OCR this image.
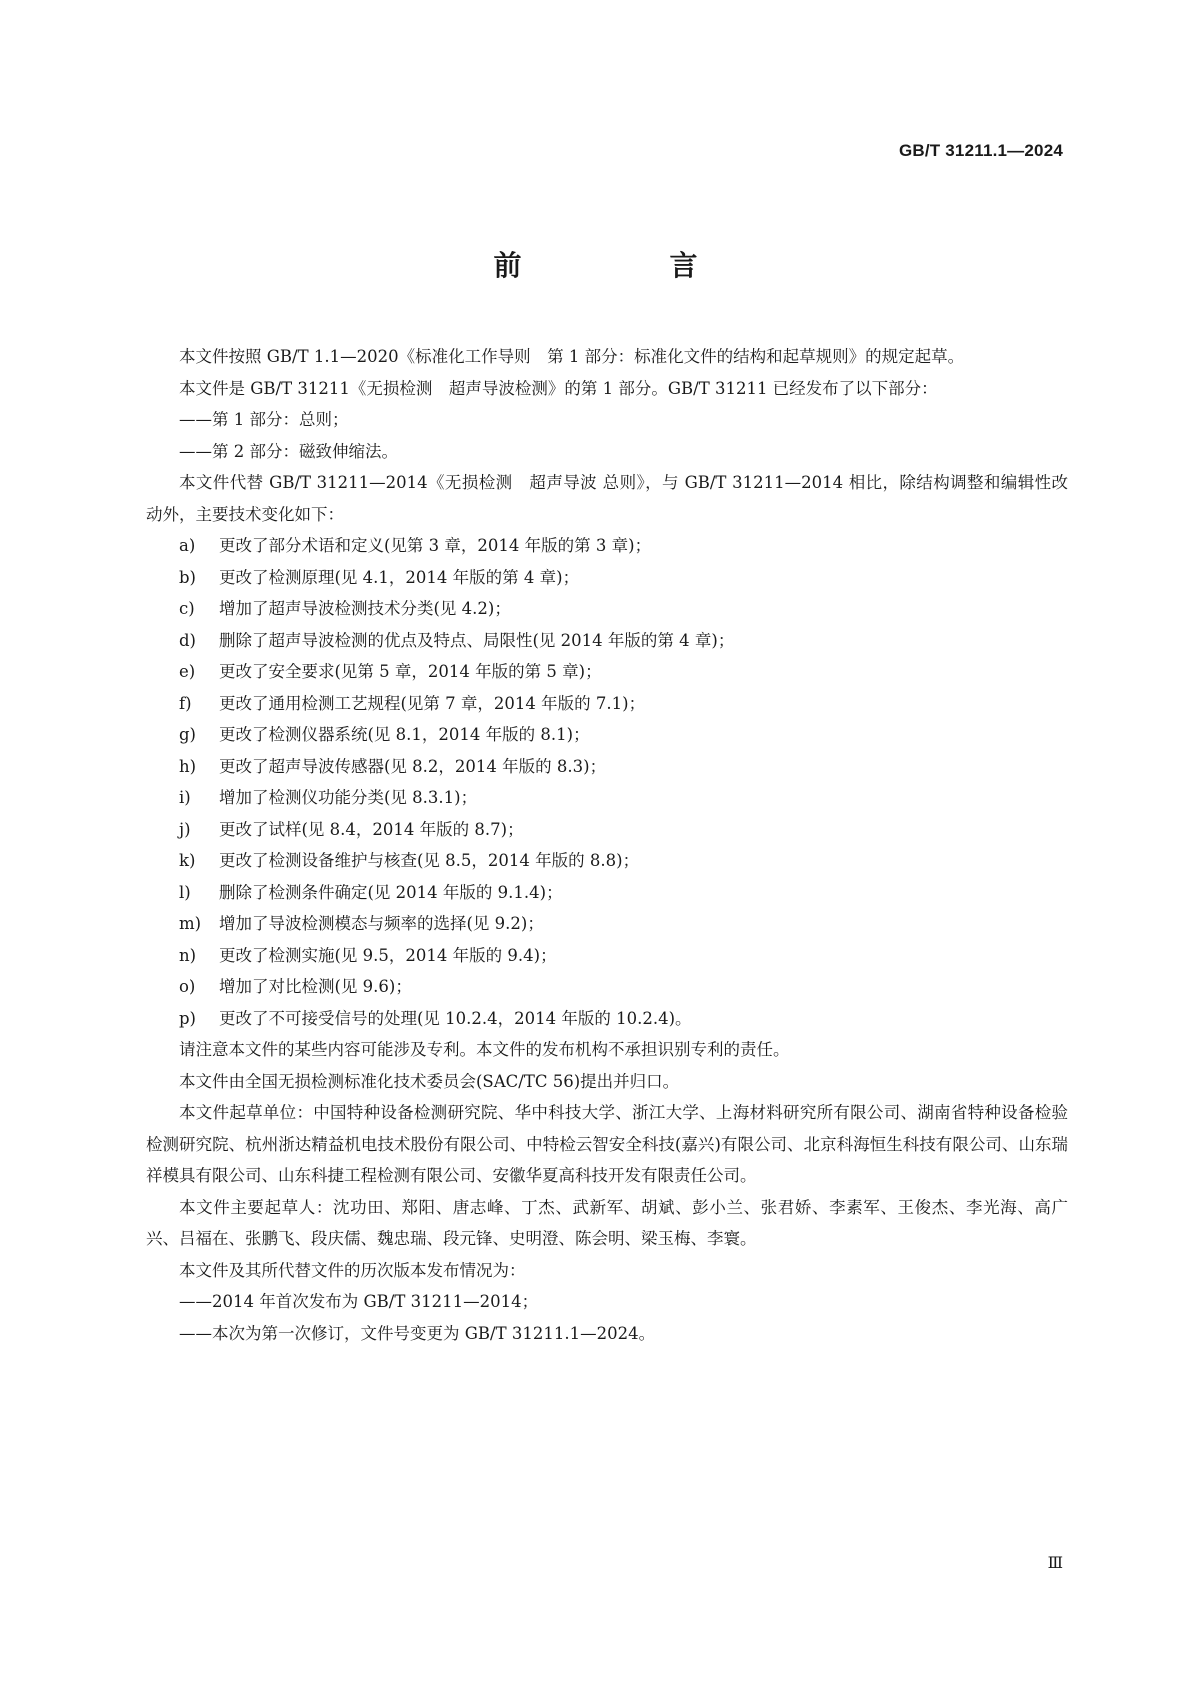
GB/T 31211.1—2024
前　言

本文件按照 GB/T 1.1—2020《标准化工作导则　第 1 部分：标准化文件的结构和起草规则》的规定起草。

本文件是 GB/T 31211《无损检测　超声导波检测》的第 1 部分。GB/T 31211 已经发布了以下部分：

——第 1 部分：总则；

——第 2 部分：磁致伸缩法。

本文件代替 GB/T 31211—2014《无损检测　超声导波 总则》，与 GB/T 31211—2014 相比，除结构调整和编辑性改动外，主要技术变化如下：

a) 更改了部分术语和定义(见第 3 章，2014 年版的第 3 章)；

b) 更改了检测原理(见 4.1，2014 年版的第 4 章)；

c) 增加了超声导波检测技术分类(见 4.2)；

d) 删除了超声导波检测的优点及特点、局限性(见 2014 年版的第 4 章)；

e) 更改了安全要求(见第 5 章，2014 年版的第 5 章)；

f) 更改了通用检测工艺规程(见第 7 章，2014 年版的 7.1)；

g) 更改了检测仪器系统(见 8.1，2014 年版的 8.1)；

h) 更改了超声导波传感器(见 8.2，2014 年版的 8.3)；

i) 增加了检测仪功能分类(见 8.3.1)；

j) 更改了试样(见 8.4，2014 年版的 8.7)；

k) 更改了检测设备维护与核查(见 8.5，2014 年版的 8.8)；

l) 删除了检测条件确定(见 2014 年版的 9.1.4)；

m) 增加了导波检测模态与频率的选择(见 9.2)；

n) 更改了检测实施(见 9.5，2014 年版的 9.4)；

o) 增加了对比检测(见 9.6)；

p) 更改了不可接受信号的处理(见 10.2.4，2014 年版的 10.2.4)。

请注意本文件的某些内容可能涉及专利。本文件的发布机构不承担识别专利的责任。

本文件由全国无损检测标准化技术委员会(SAC/TC 56)提出并归口。

本文件起草单位：中国特种设备检测研究院、华中科技大学、浙江大学、上海材料研究所有限公司、湖南省特种设备检验检测研究院、杭州浙达精益机电技术股份有限公司、中特检云智安全科技(嘉兴)有限公司、北京科海恒生科技有限公司、山东瑞祥模具有限公司、山东科捷工程检测有限公司、安徽华夏高科技开发有限责任公司。

本文件主要起草人：沈功田、郑阳、唐志峰、丁杰、武新军、胡斌、彭小兰、张君娇、李素军、王俊杰、李光海、高广兴、吕福在、张鹏飞、段庆儒、魏忠瑞、段元锋、史明澄、陈会明、梁玉梅、李寰。

本文件及其所代替文件的历次版本发布情况为：

——2014 年首次发布为 GB/T 31211—2014；

——本次为第一次修订，文件号变更为 GB/T 31211.1—2024。

Ⅲ
